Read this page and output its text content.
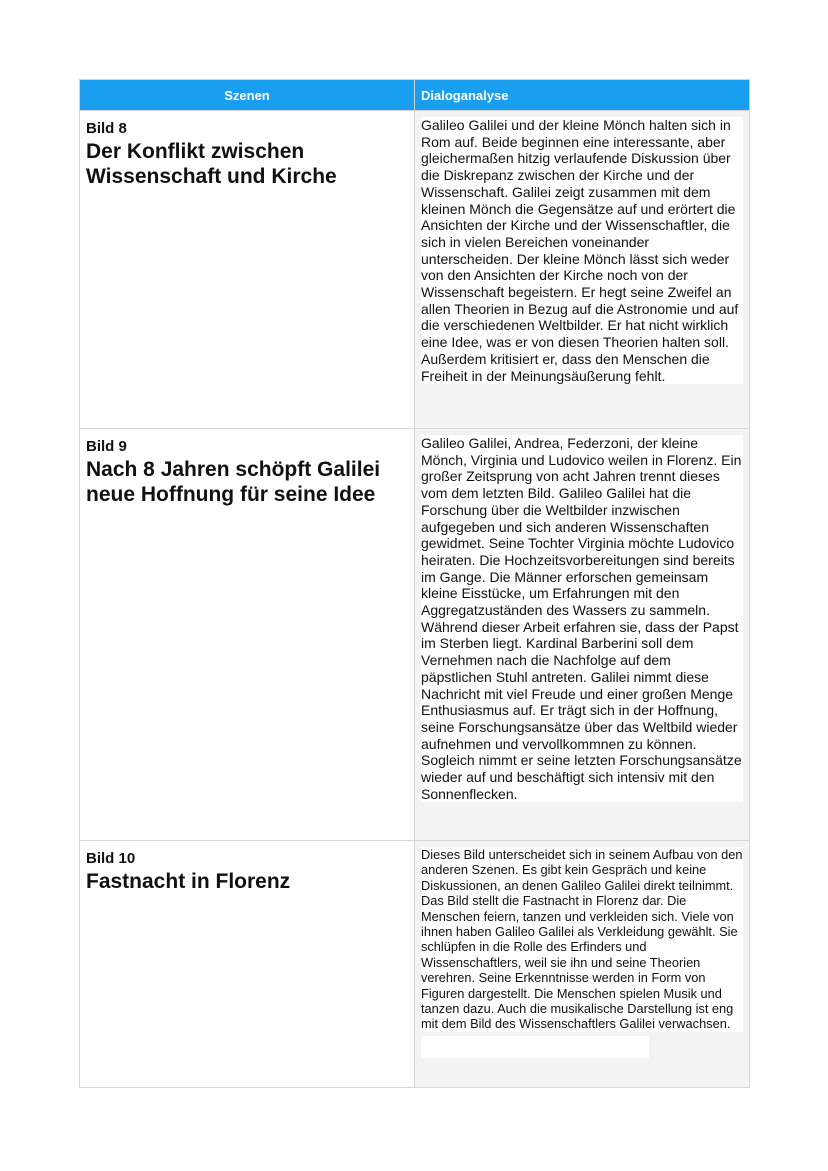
Szenen	Dialoganalyse

Bild 8
Der Konflikt zwischen Wissenschaft und Kirche	Galileo Galilei und der kleine Mönch halten sich in Rom auf. Beide beginnen eine interessante, aber gleichermaßen hitzig verlaufende Diskussion über die Diskrepanz zwischen der Kirche und der Wissenschaft. Galilei zeigt zusammen mit dem kleinen Mönch die Gegensätze auf und erörtert die Ansichten der Kirche und der Wissenschaftler, die sich in vielen Bereichen voneinander unterscheiden. Der kleine Mönch lässt sich weder von den Ansichten der Kirche noch von der Wissenschaft begeistern. Er hegt seine Zweifel an allen Theorien in Bezug auf die Astronomie und auf die verschiedenen Weltbilder. Er hat nicht wirklich eine Idee, was er von diesen Theorien halten soll. Außerdem kritisiert er, dass den Menschen die Freiheit in der Meinungsäußerung fehlt.

Bild 9
Nach 8 Jahren schöpft Galilei neue Hoffnung für seine Idee	Galileo Galilei, Andrea, Federzoni, der kleine Mönch, Virginia und Ludovico weilen in Florenz. Ein großer Zeitsprung von acht Jahren trennt dieses vom dem letzten Bild. Galileo Galilei hat die Forschung über die Weltbilder inzwischen aufgegeben und sich anderen Wissenschaften gewidmet. Seine Tochter Virginia möchte Ludovico heiraten. Die Hochzeitsvorbereitungen sind bereits im Gange. Die Männer erforschen gemeinsam kleine Eisstücke, um Erfahrungen mit den Aggregatzuständen des Wassers zu sammeln. Während dieser Arbeit erfahren sie, dass der Papst im Sterben liegt. Kardinal Barberini soll dem Vernehmen nach die Nachfolge auf dem päpstlichen Stuhl antreten. Galilei nimmt diese Nachricht mit viel Freude und einer großen Menge Enthusiasmus auf. Er trägt sich in der Hoffnung, seine Forschungsansätze über das Weltbild wieder aufnehmen und vervollkommnen zu können. Sogleich nimmt er seine letzten Forschungsansätze wieder auf und beschäftigt sich intensiv mit den Sonnenflecken.

Bild 10
Fastnacht in Florenz	Dieses Bild unterscheidet sich in seinem Aufbau von den anderen Szenen. Es gibt kein Gespräch und keine Diskussionen, an denen Galileo Galilei direkt teilnimmt. Das Bild stellt die Fastnacht in Florenz dar. Die Menschen feiern, tanzen und verkleiden sich. Viele von ihnen haben Galileo Galilei als Verkleidung gewählt. Sie schlüpfen in die Rolle des Erfinders und Wissenschaftlers, weil sie ihn und seine Theorien verehren. Seine Erkenntnisse werden in Form von Figuren dargestellt. Die Menschen spielen Musik und tanzen dazu. Auch die musikalische Darstellung ist eng mit dem Bild des Wissenschaftlers Galilei verwachsen.
